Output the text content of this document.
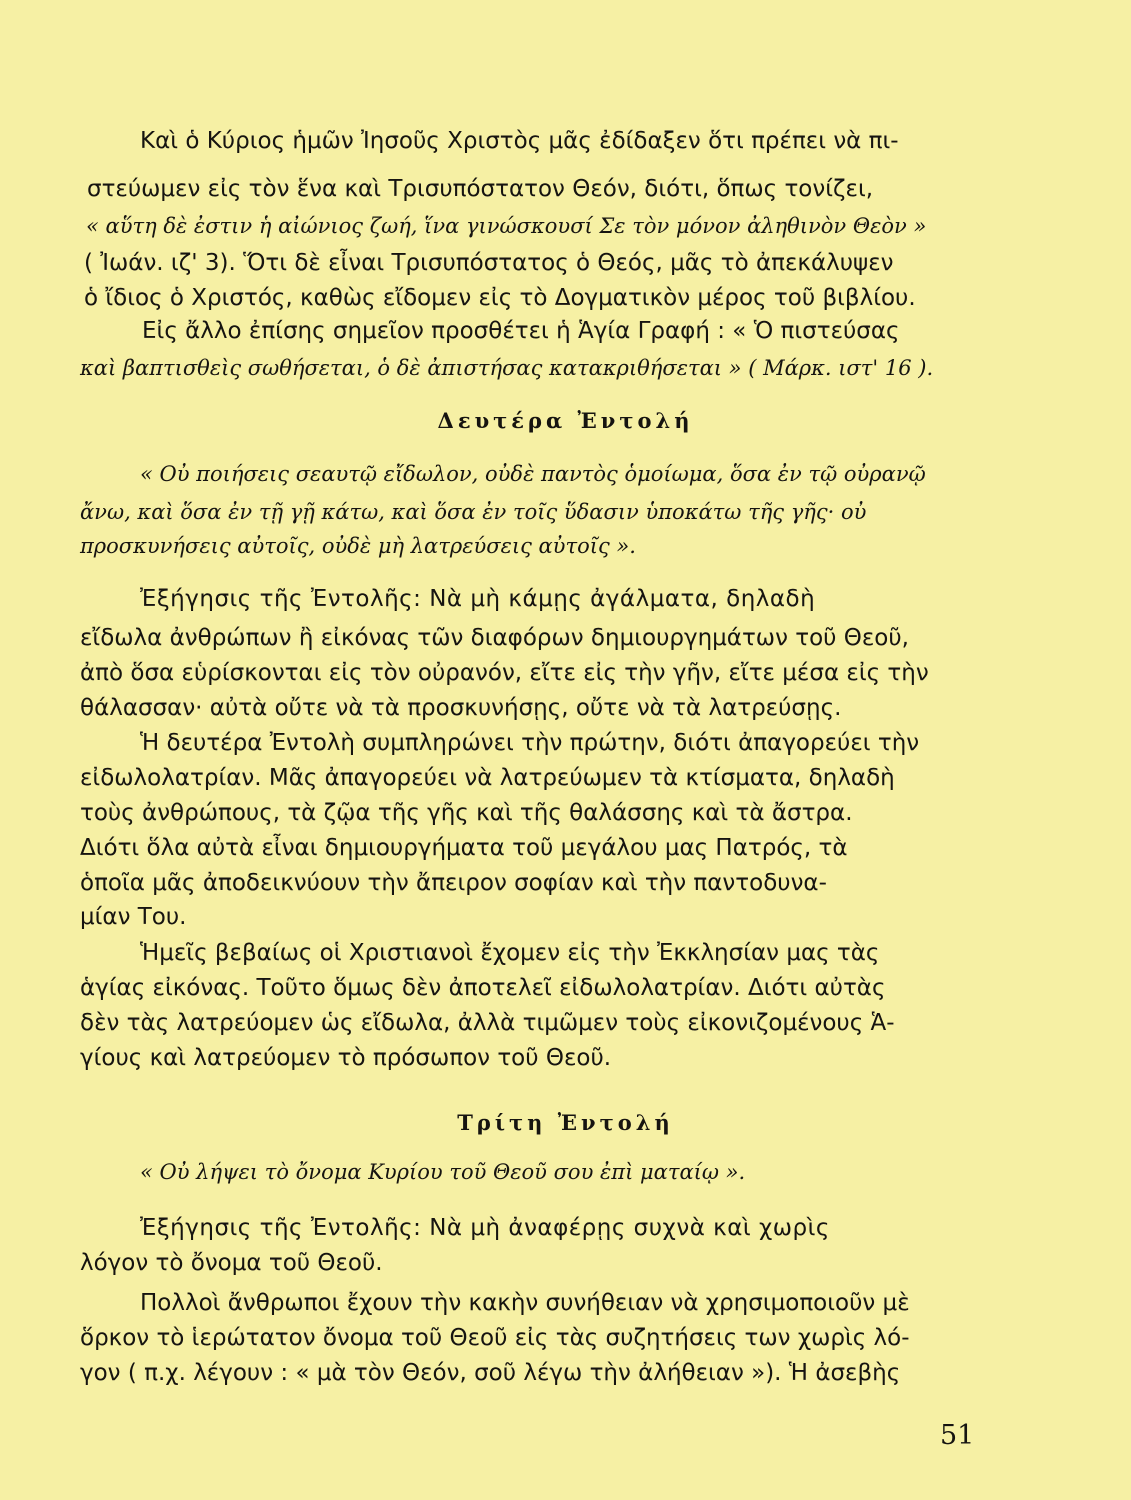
Καὶ ὁ Κύριος ἡμῶν Ἰησοῦς Χριστὸς μᾶς ἐδίδαξεν ὅτι πρέπει νὰ πι-
στεύωμεν εἰς τὸν ἕνα καὶ Τρισυπόστατον Θεόν, διότι, ὅπως τονίζει,
« αὕτη δὲ ἐστιν ἡ αἰώνιος ζωή, ἵνα γινώσκουσί Σε τὸν μόνον ἀληθινὸν Θεὸν »
( Ἰωάν. ιζ' 3). Ὅτι δὲ εἶναι Τρισυπόστατος ὁ Θεός, μᾶς τὸ ἀπεκάλυψεν
ὁ ἴδιος ὁ Χριστός, καθὼς εἴδομεν εἰς τὸ Δογματικὸν μέρος τοῦ βιβλίου.
Εἰς ἄλλο ἐπίσης σημεῖον προσθέτει ἡ Ἁγία Γραφή : « Ὁ πιστεύσας
καὶ βαπτισθεὶς σωθήσεται, ὁ δὲ ἀπιστήσας κατακριθήσεται » ( Μάρκ. ιστ' 16 ).
Δευτέρα Ἐντολή
« Οὐ ποιήσεις σεαυτῷ εἴδωλον, οὐδὲ παντὸς ὁμοίωμα, ὅσα ἐν τῷ οὐρανῷ
ἄνω, καὶ ὅσα ἐν τῇ γῇ κάτω, καὶ ὅσα ἐν τοῖς ὕδασιν ὑποκάτω τῆς γῆς· οὐ
προσκυνήσεις αὐτοῖς, οὐδὲ μὴ λατρεύσεις αὐτοῖς ».
Ἐξήγησις τῆς Ἐντολῆς: Νὰ μὴ κάμῃς ἀγάλματα, δηλαδὴ
εἴδωλα ἀνθρώπων ἢ εἰκόνας τῶν διαφόρων δημιουργημάτων τοῦ Θεοῦ,
ἀπὸ ὅσα εὑρίσκονται εἰς τὸν οὐρανόν, εἴτε εἰς τὴν γῆν, εἴτε μέσα εἰς τὴν
θάλασσαν· αὐτὰ οὔτε νὰ τὰ προσκυνήσῃς, οὔτε νὰ τὰ λατρεύσῃς.
Ἡ δευτέρα Ἐντολὴ συμπληρώνει τὴν πρώτην, διότι ἀπαγορεύει τὴν
εἰδωλολατρίαν. Μᾶς ἀπαγορεύει νὰ λατρεύωμεν τὰ κτίσματα, δηλαδὴ
τοὺς ἀνθρώπους, τὰ ζῷα τῆς γῆς καὶ τῆς θαλάσσης καὶ τὰ ἄστρα.
Διότι ὅλα αὐτὰ εἶναι δημιουργήματα τοῦ μεγάλου μας Πατρός, τὰ
ὁποῖα μᾶς ἀποδεικνύουν τὴν ἄπειρον σοφίαν καὶ τὴν παντοδυνα-
μίαν Του.
Ἡμεῖς βεβαίως οἱ Χριστιανοὶ ἔχομεν εἰς τὴν Ἐκκλησίαν μας τὰς
ἁγίας εἰκόνας. Τοῦτο ὅμως δὲν ἀποτελεῖ εἰδωλολατρίαν. Διότι αὐτὰς
δὲν τὰς λατρεύομεν ὡς εἴδωλα, ἀλλὰ τιμῶμεν τοὺς εἰκονιζομένους Ἁ-
γίους καὶ λατρεύομεν τὸ πρόσωπον τοῦ Θεοῦ.
Τρίτη Ἐντολή
« Οὐ λήψει τὸ ὄνομα Κυρίου τοῦ Θεοῦ σου ἐπὶ ματαίῳ ».
Ἐξήγησις τῆς Ἐντολῆς: Νὰ μὴ ἀναφέρῃς συχνὰ καὶ χωρὶς
λόγον τὸ ὄνομα τοῦ Θεοῦ.
Πολλοὶ ἄνθρωποι ἔχουν τὴν κακὴν συνήθειαν νὰ χρησιμοποιοῦν μὲ
ὅρκον τὸ ἱερώτατον ὄνομα τοῦ Θεοῦ εἰς τὰς συζητήσεις των χωρὶς λό-
γον ( π.χ. λέγουν : « μὰ τὸν Θεόν, σοῦ λέγω τὴν ἀλήθειαν »). Ἡ ἀσεβὴς
51
